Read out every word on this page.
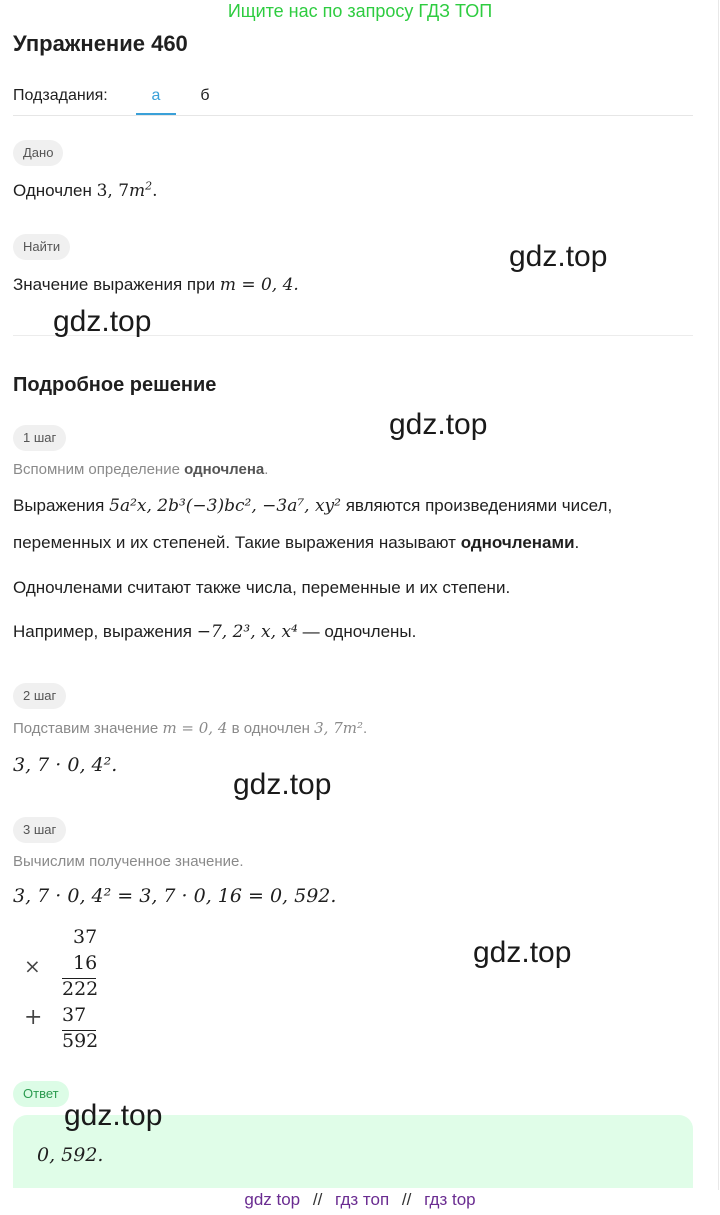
Ищите нас по запросу ГДЗ ТОП
Упражнение 460
Подзадания:	а	б
Дано
Одночлен 3, $7m^2$.
Найти
Значение выражения при m = 0, 4.
Подробное решение
1 шаг
Вспомним определение одночлена.
Выражения 5a²x, 2b³(−3)bc², −3a⁷, xy² являются произведениями чисел,
переменных и их степеней. Такие выражения называют одночленами.
Одночленами считают также числа, переменные и их степени.
Например, выражения −7, 2³, x, x⁴ — одночлены.
2 шаг
Подставим значение m = 0, 4 в одночлен 3, 7m².
3, 7 · 0, 4².
3 шаг
Вычислим полученное значение.
3, 7 · 0, 4² = 3, 7 · 0, 16 = 0, 592.
37
× 16
222
+ 37
592
Ответ
0, 592.
gdz.top
gdz.top
gdz.top
gdz.top
gdz.top
gdz.top
gdz top // гдз топ // гдз top
